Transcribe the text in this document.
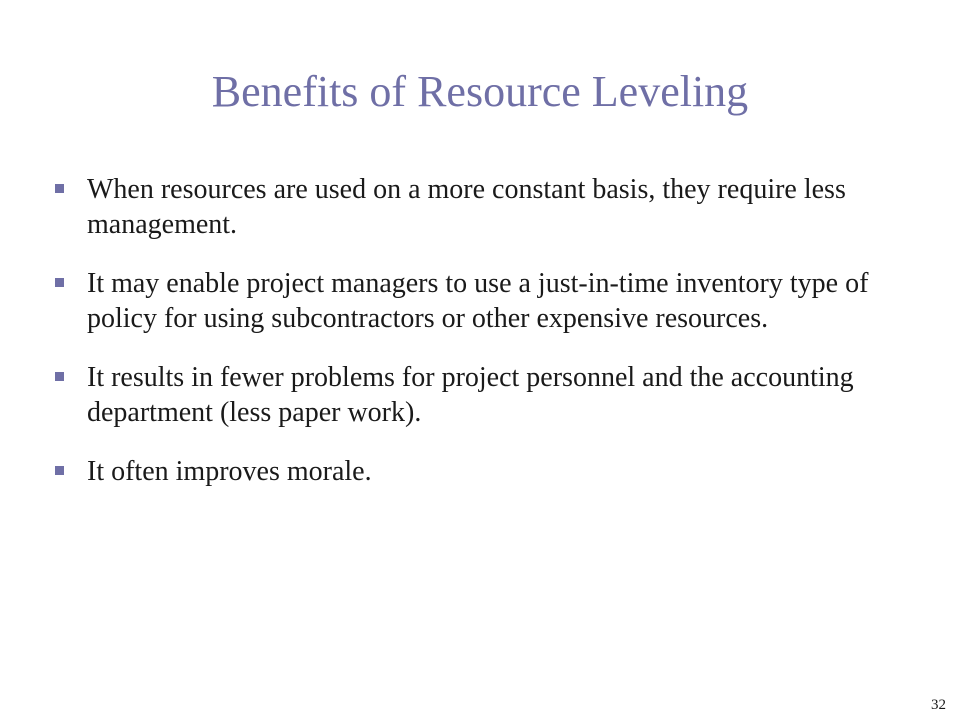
Benefits of Resource Leveling
When resources are used on a more constant basis, they require less management.
It may enable project managers to use a just-in-time inventory type of policy for using subcontractors or other expensive resources.
It results in fewer problems for project personnel and the accounting department (less paper work).
It often improves morale.
32
